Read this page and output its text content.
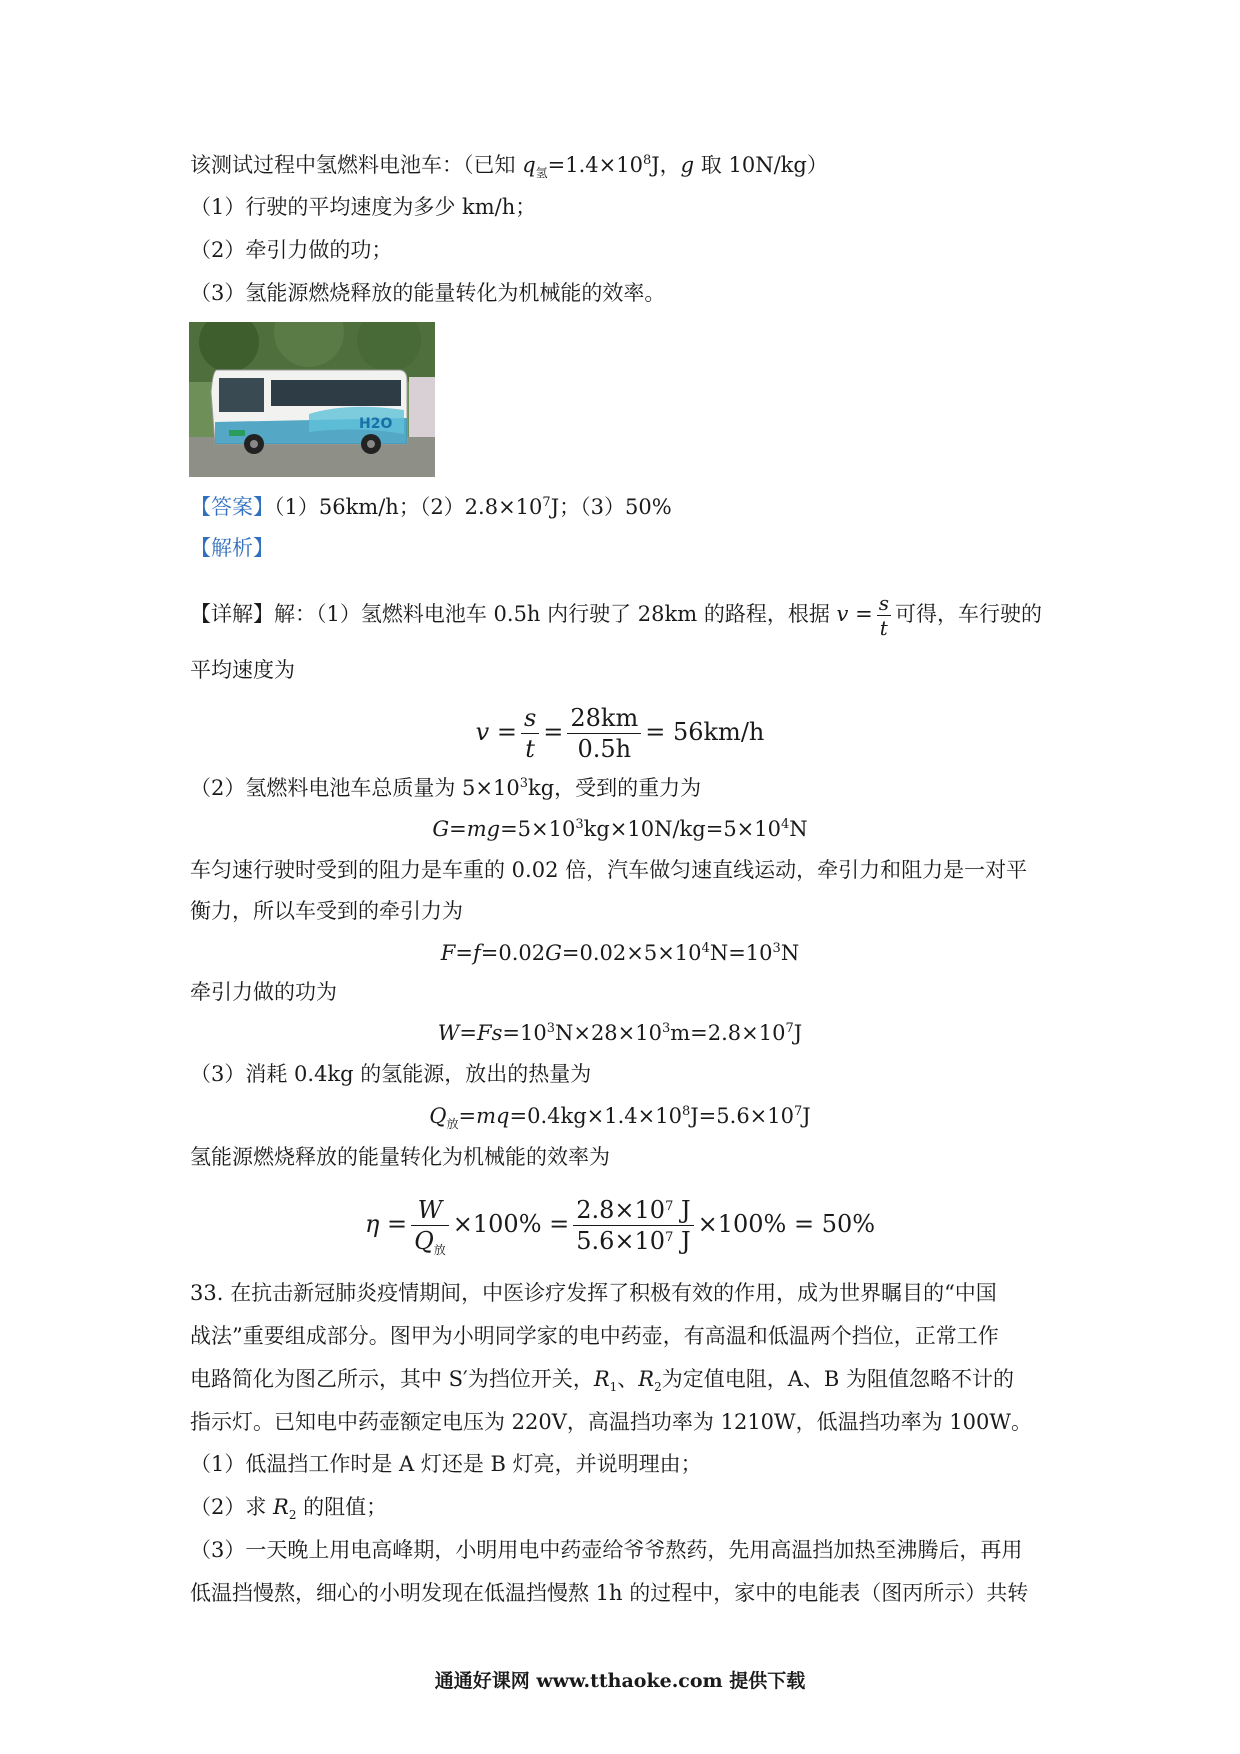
该测试过程中氢燃料电池车：（已知 $q_氢=1.4\times 10^8J$，g 取 10N/kg）
（1）行驶的平均速度为多少 km/h；
（2）牵引力做的功；
（3）氢能源燃烧释放的能量转化为机械能的效率。
H2O
【答案】（1）56km/h；$(2)2.8\times 10^7J$；（3）50%
【解析】
【详解】解：（1）氢燃料电池车 0.5h 内行驶了 28km 的路程，根据 $v = \frac{s}{t}$ 可得，车行驶的
平均速度为
$v = \frac{s}{t} = \frac{28km}{0.5h} = 56km/h$
（2）氢燃料电池车总质量为 $5\times 10^3kg$，受到的重力为
$G=mg=5\times 10^3kg\times 10N/kg=5\times 10^4N$
车匀速行驶时受到的阻力是车重的 0.02 倍，汽车做匀速直线运动，牵引力和阻力是一对平
衡力，所以车受到的牵引力为
$F=f=0.02G=0.02\times 5\times 10^4N=10^3N$
牵引力做的功为
$W=Fs=10^3N\times 28\times 10^3m=2.8\times 10^7J$
（3）消耗 0.4kg 的氢能源，放出的热量为
$Q_放=mq=0.4kg\times 1.4\times 10^8J=5.6\times 10^7J$
氢能源燃烧释放的能量转化为机械能的效率为
$\eta = \frac{W}{Q_放} \times 100\% = \frac{2.8\times 10^7 J}{5.6\times 10^7 J} \times 100\% = 50\%$
33. 在抗击新冠肺炎疫情期间，中医诊疗发挥了积极有效的作用，成为世界瞩目的“中国
战法”重要组成部分。图甲为小明同学家的电中药壶，有高温和低温两个挡位，正常工作
电路简化为图乙所示，其中 S′为挡位开关，$R_1$、$R_2$为定值电阻，A、B 为阻值忽略不计的
指示灯。已知电中药壶额定电压为 220V，高温挡功率为 1210W，低温挡功率为 100W。
（1）低温挡工作时是 A 灯还是 B 灯亮，并说明理由；
（2）求 $R_2$ 的阻值；
（3）一天晚上用电高峰期，小明用电中药壶给爷爷熬药，先用高温挡加热至沸腾后，再用
低温挡慢熬，细心的小明发现在低温挡慢熬 1h 的过程中，家中的电能表（图丙所示）共转
通通好课网 www.tthaoke.com 提供下载
